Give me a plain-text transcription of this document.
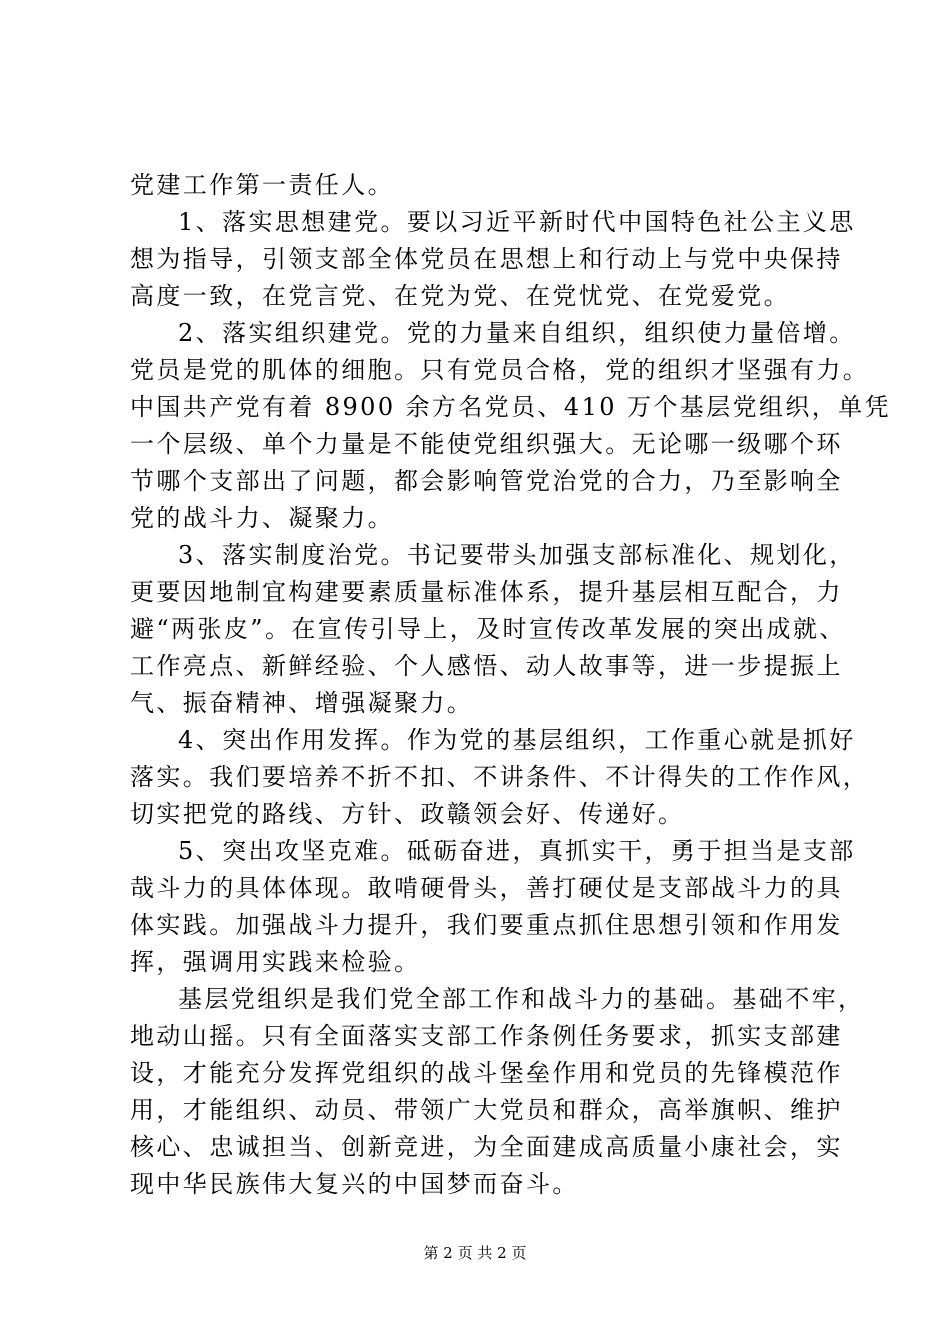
党建工作第一责任人。
1、落实思想建党。要以习近平新时代中国特色社公主义思
想为指导，引领支部全体党员在思想上和行动上与党中央保持
高度一致，在党言党、在党为党、在党忧党、在党爱党。
2、落实组织建党。党的力量来自组织，组织使力量倍增。
党员是党的肌体的细胞。只有党员合格，党的组织才坚强有力。
中国共产党有着 8900 余方名党员、410 万个基层党组织，单凭
一个层级、单个力量是不能使党组织强大。无论哪一级哪个环
节哪个支部出了问题，都会影响管党治党的合力，乃至影响全
党的战斗力、凝聚力。
3、落实制度治党。书记要带头加强支部标准化、规划化，
更要因地制宜构建要素质量标准体系，提升基层相互配合，力
避“两张皮”。在宣传引导上，及时宣传改革发展的突出成就、
工作亮点、新鲜经验、个人感悟、动人故事等，进一步提振上
气、振奋精神、增强凝聚力。
4、突出作用发挥。作为党的基层组织，工作重心就是抓好
落实。我们要培养不折不扣、不讲条件、不计得失的工作作风，
切实把党的路线、方针、政赣领会好、传递好。
5、突出攻坚克难。砥砺奋进，真抓实干，勇于担当是支部
哉斗力的具体体现。敢啃硬骨头，善打硬仗是支部战斗力的具
体实践。加强战斗力提升，我们要重点抓住思想引领和作用发
挥，强调用实践来检验。
基层党组织是我们党全部工作和战斗力的基础。基础不牢，
地动山摇。只有全面落实支部工作条例任务要求，抓实支部建
设，才能充分发挥党组织的战斗堡垒作用和党员的先锋模范作
用，才能组织、动员、带领广大党员和群众，高举旗帜、维护
核心、忠诚担当、创新竞进，为全面建成高质量小康社会，实
现中华民族伟大复兴的中国梦而奋斗。
第 2 页 共 2 页
